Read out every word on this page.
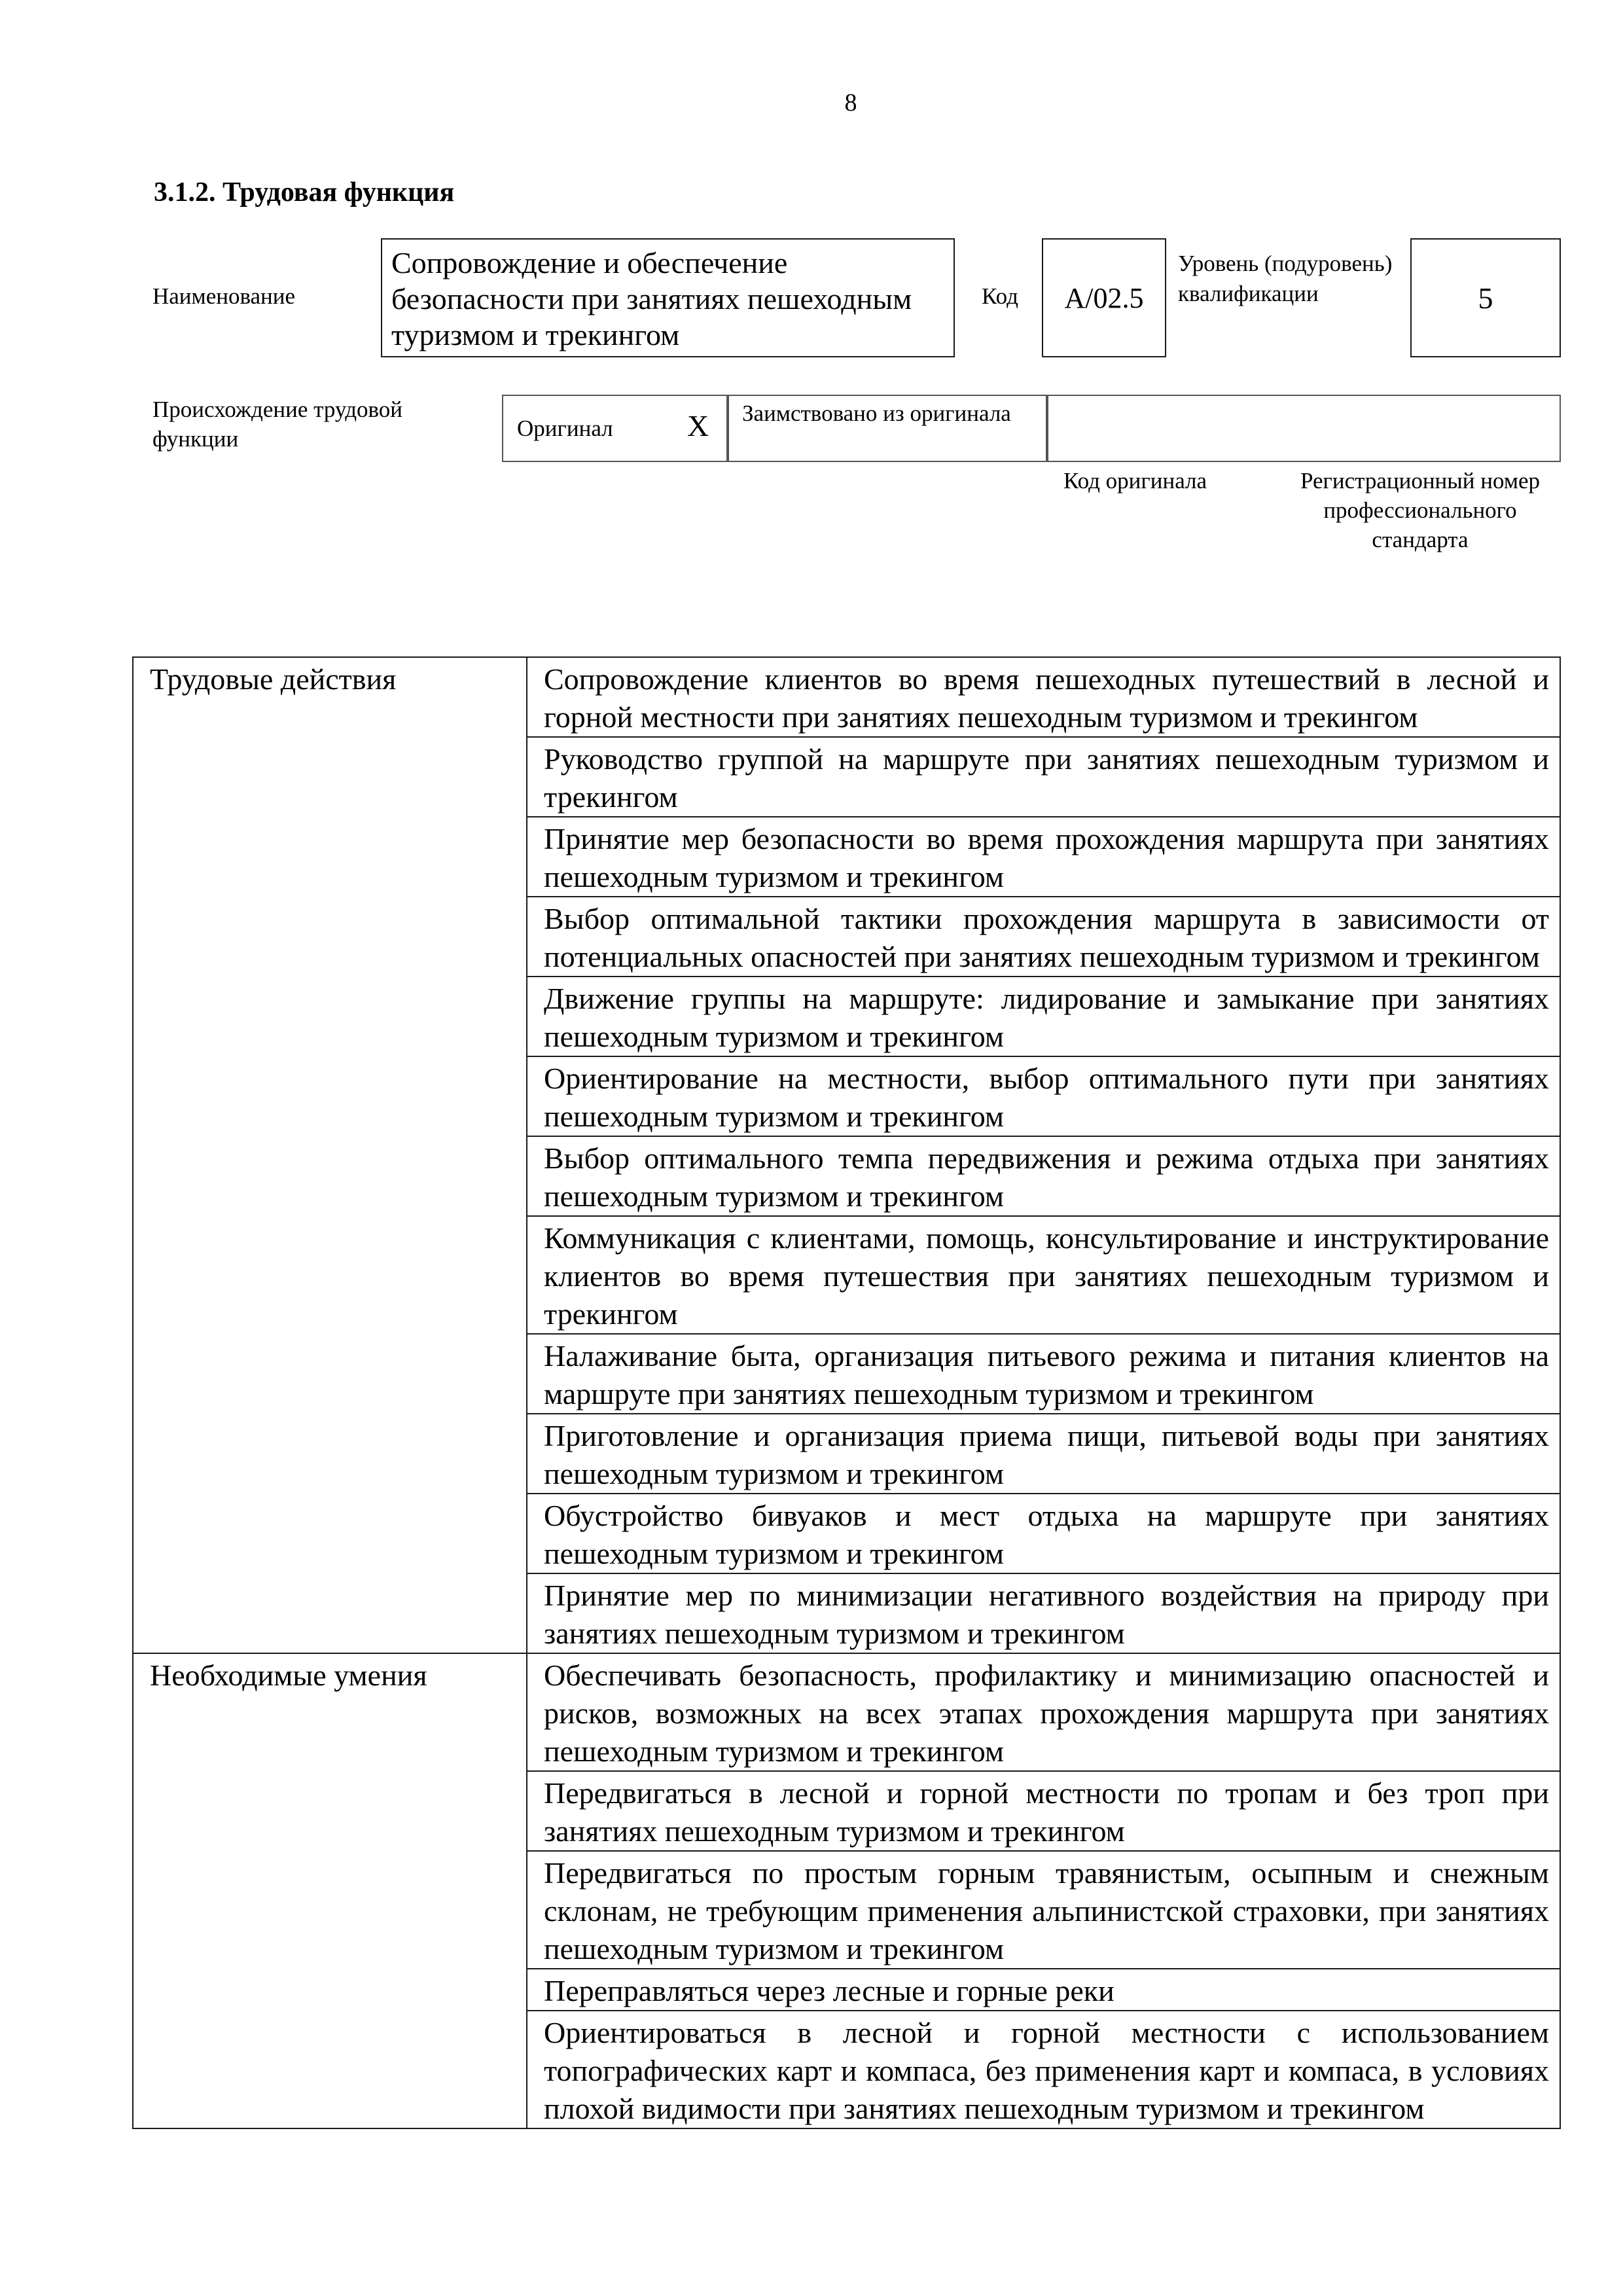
8
3.1.2. Трудовая функция
Наименование
Сопровождение и обеспечение безопасности при занятиях пешеходным туризмом и трекингом
Код	A/02.5
Уровень (подуровень) квалификации	5
Происхождение трудовой функции	Оригинал X	Заимствовано из оригинала
Код оригинала	Регистрационный номер профессионального стандарта
Трудовые действия	Сопровождение клиентов во время пешеходных путешествий в лесной и горной местности при занятиях пешеходным туризмом и трекингом
	Руководство группой на маршруте при занятиях пешеходным туризмом и трекингом
	Принятие мер безопасности во время прохождения маршрута при занятиях пешеходным туризмом и трекингом
	Выбор оптимальной тактики прохождения маршрута в зависимости от потенциальных опасностей при занятиях пешеходным туризмом и трекингом
	Движение группы на маршруте: лидирование и замыкание при занятиях пешеходным туризмом и трекингом
	Ориентирование на местности, выбор оптимального пути при занятиях пешеходным туризмом и трекингом
	Выбор оптимального темпа передвижения и режима отдыха при занятиях пешеходным туризмом и трекингом
	Коммуникация с клиентами, помощь, консультирование и инструктирование клиентов во время путешествия при занятиях пешеходным туризмом и трекингом
	Налаживание быта, организация питьевого режима и питания клиентов на маршруте при занятиях пешеходным туризмом и трекингом
	Приготовление и организация приема пищи, питьевой воды при занятиях пешеходным туризмом и трекингом
	Обустройство бивуаков и мест отдыха на маршруте при занятиях пешеходным туризмом и трекингом
	Принятие мер по минимизации негативного воздействия на природу при занятиях пешеходным туризмом и трекингом
Необходимые умения	Обеспечивать безопасность, профилактику и минимизацию опасностей и рисков, возможных на всех этапах прохождения маршрута при занятиях пешеходным туризмом и трекингом
	Передвигаться в лесной и горной местности по тропам и без троп при занятиях пешеходным туризмом и трекингом
	Передвигаться по простым горным травянистым, осыпным и снежным склонам, не требующим применения альпинистской страховки, при занятиях пешеходным туризмом и трекингом
	Переправляться через лесные и горные реки
	Ориентироваться в лесной и горной местности с использованием топографических карт и компаса, без применения карт и компаса, в условиях плохой видимости при занятиях пешеходным туризмом и трекингом
